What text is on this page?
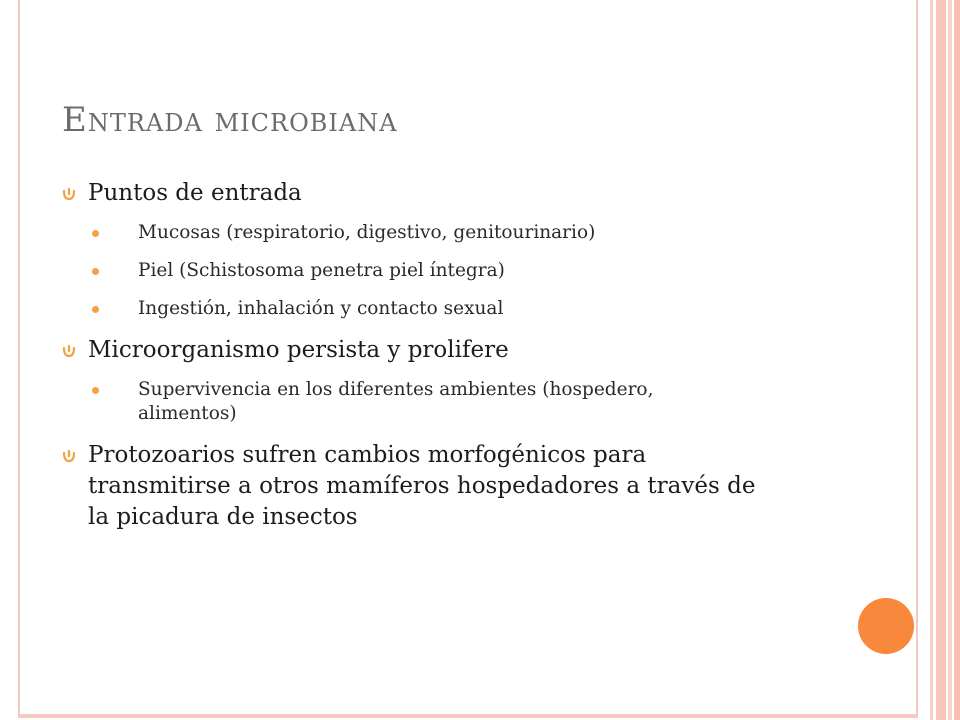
Entrada microbiana
Puntos de entrada
Mucosas (respiratorio, digestivo, genitourinario)
Piel (Schistosoma penetra piel íntegra)
Ingestión, inhalación y contacto sexual
Microorganismo persista y prolifere
Supervivencia en los diferentes ambientes (hospedero, alimentos)
Protozoarios sufren cambios morfogénicos para transmitirse a otros mamíferos hospedadores a través de la picadura de insectos
